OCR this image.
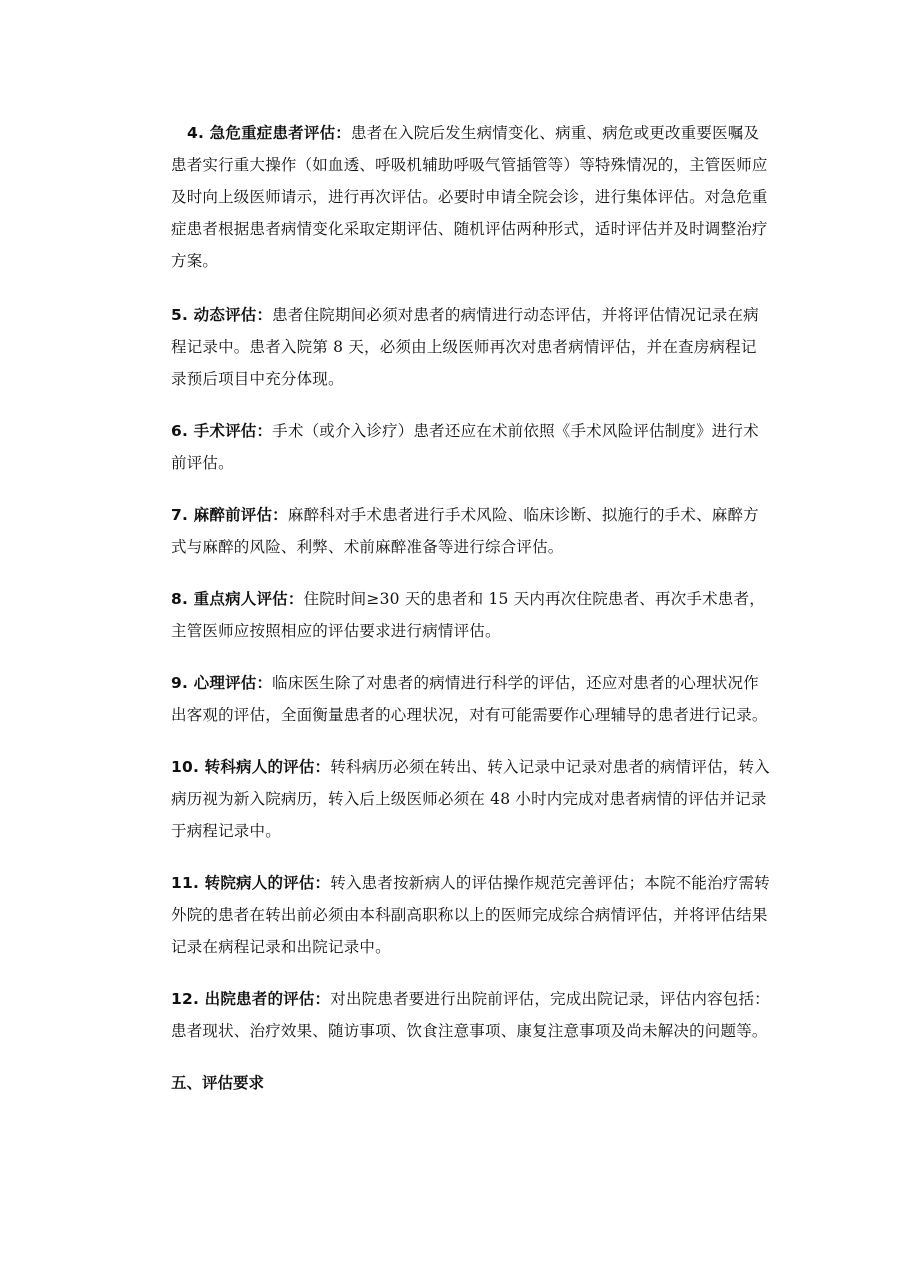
4. 急危重症患者评估：患者在入院后发生病情变化、病重、病危或更改重要医嘱及患者实行重大操作（如血透、呼吸机辅助呼吸气管插管等）等特殊情况的，主管医师应及时向上级医师请示，进行再次评估。必要时申请全院会诊，进行集体评估。对急危重症患者根据患者病情变化采取定期评估、随机评估两种形式，适时评估并及时调整治疗方案。

5. 动态评估：患者住院期间必须对患者的病情进行动态评估，并将评估情况记录在病程记录中。患者入院第 8 天，必须由上级医师再次对患者病情评估，并在查房病程记录预后项目中充分体现。

6. 手术评估：手术（或介入诊疗）患者还应在术前依照《手术风险评估制度》进行术前评估。

7. 麻醉前评估：麻醉科对手术患者进行手术风险、临床诊断、拟施行的手术、麻醉方式与麻醉的风险、利弊、术前麻醉准备等进行综合评估。

8. 重点病人评估：住院时间≥30 天的患者和 15 天内再次住院患者、再次手术患者，主管医师应按照相应的评估要求进行病情评估。

9. 心理评估：临床医生除了对患者的病情进行科学的评估，还应对患者的心理状况作出客观的评估，全面衡量患者的心理状况，对有可能需要作心理辅导的患者进行记录。

10. 转科病人的评估：转科病历必须在转出、转入记录中记录对患者的病情评估，转入病历视为新入院病历，转入后上级医师必须在 48 小时内完成对患者病情的评估并记录于病程记录中。

11. 转院病人的评估：转入患者按新病人的评估操作规范完善评估；本院不能治疗需转外院的患者在转出前必须由本科副高职称以上的医师完成综合病情评估，并将评估结果记录在病程记录和出院记录中。

12. 出院患者的评估：对出院患者要进行出院前评估，完成出院记录，评估内容包括：患者现状、治疗效果、随访事项、饮食注意事项、康复注意事项及尚未解决的问题等。

五、评估要求
